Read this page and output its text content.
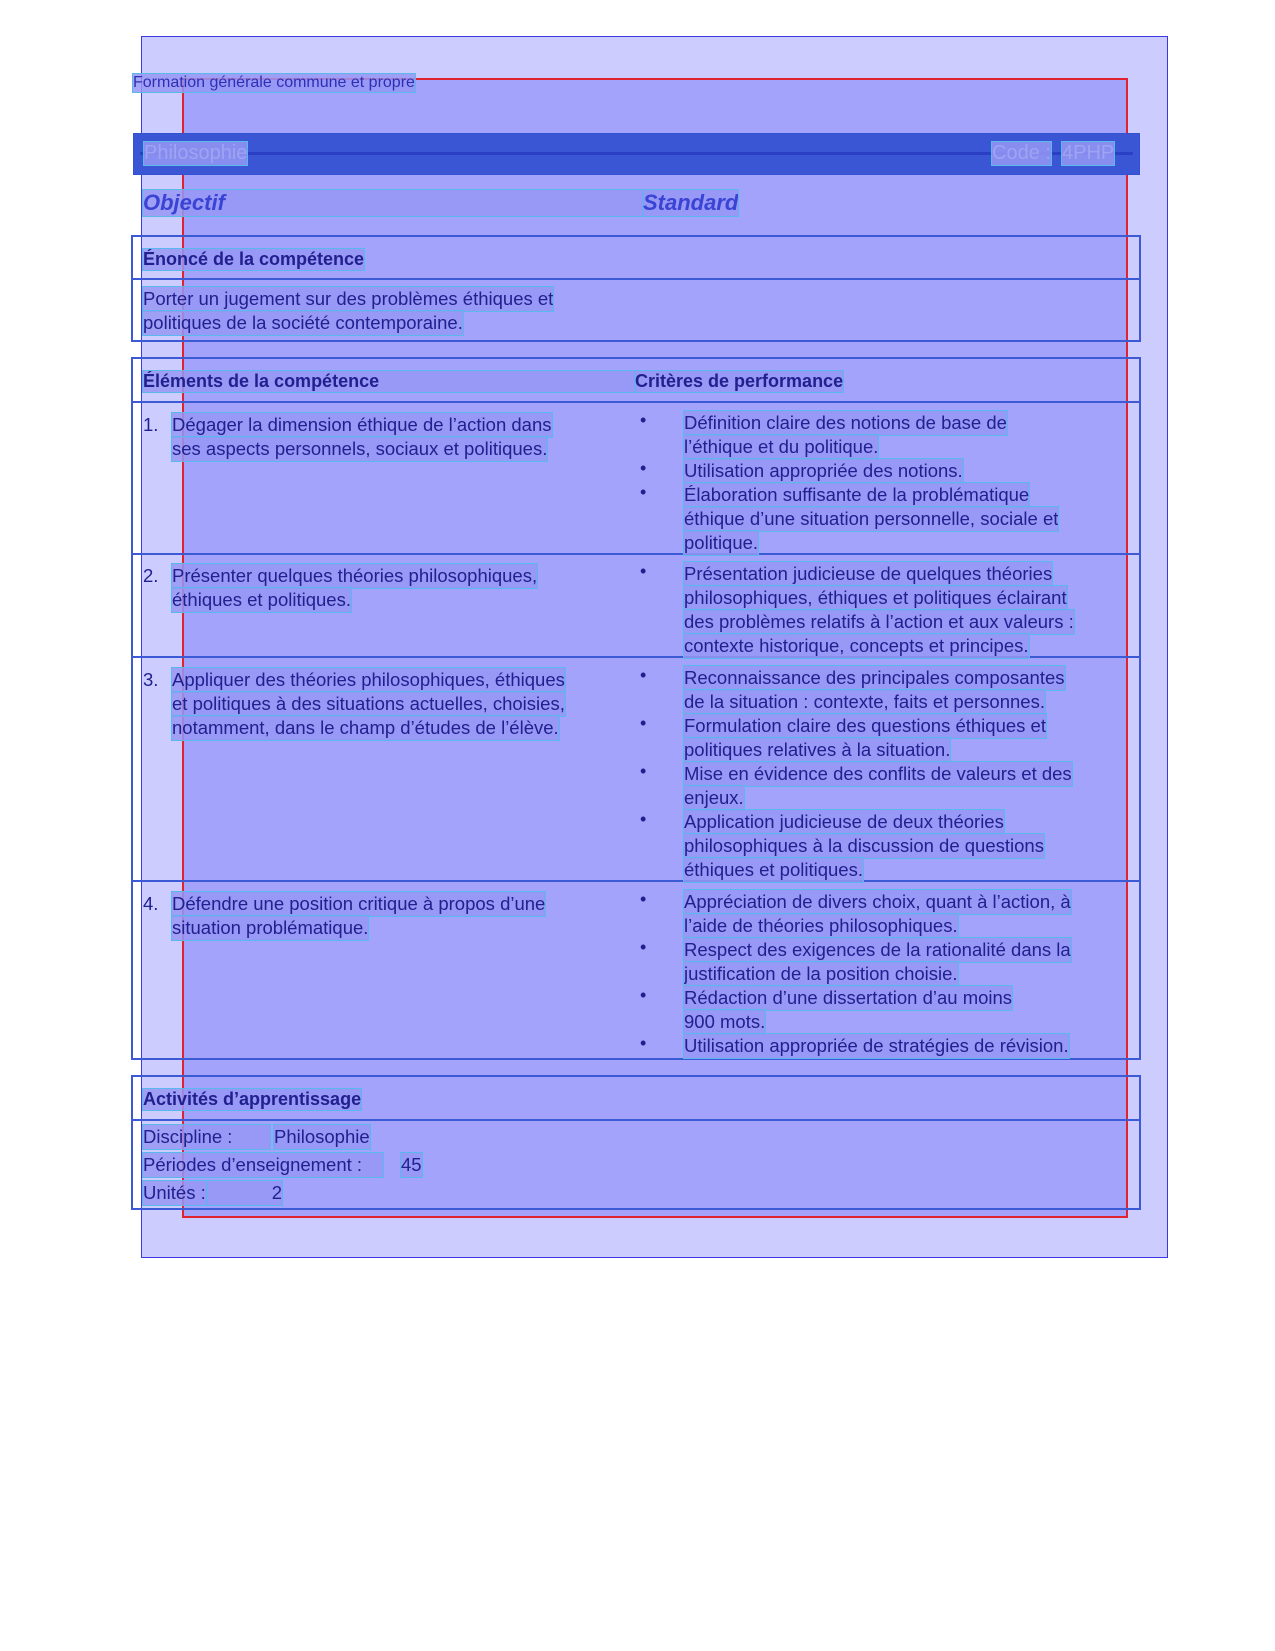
Formation générale commune et propre
Philosophie	Code : 4PHP
Objectif	Standard
Énoncé de la compétence
Porter un jugement sur des problèmes éthiques et
politiques de la société contemporaine.
Éléments de la compétence	Critères de performance
1. Dégager la dimension éthique de l’action dans
ses aspects personnels, sociaux et politiques.
• Définition claire des notions de base de
l’éthique et du politique.
• Utilisation appropriée des notions.
• Élaboration suffisante de la problématique
éthique d’une situation personnelle, sociale et
politique.
2. Présenter quelques théories philosophiques,
éthiques et politiques.
• Présentation judicieuse de quelques théories
philosophiques, éthiques et politiques éclairant
des problèmes relatifs à l’action et aux valeurs :
contexte historique, concepts et principes.
3. Appliquer des théories philosophiques, éthiques
et politiques à des situations actuelles, choisies,
notamment, dans le champ d’études de l’élève.
• Reconnaissance des principales composantes
de la situation : contexte, faits et personnes.
• Formulation claire des questions éthiques et
politiques relatives à la situation.
• Mise en évidence des conflits de valeurs et des
enjeux.
• Application judicieuse de deux théories
philosophiques à la discussion de questions
éthiques et politiques.
4. Défendre une position critique à propos d’une
situation problématique.
• Appréciation de divers choix, quant à l’action, à
l’aide de théories philosophiques.
• Respect des exigences de la rationalité dans la
justification de la position choisie.
• Rédaction d’une dissertation d’au moins
900 mots.
• Utilisation appropriée de stratégies de révision.
Activités d’apprentissage
Discipline :	Philosophie
Périodes d’enseignement :	45
Unités :	2
